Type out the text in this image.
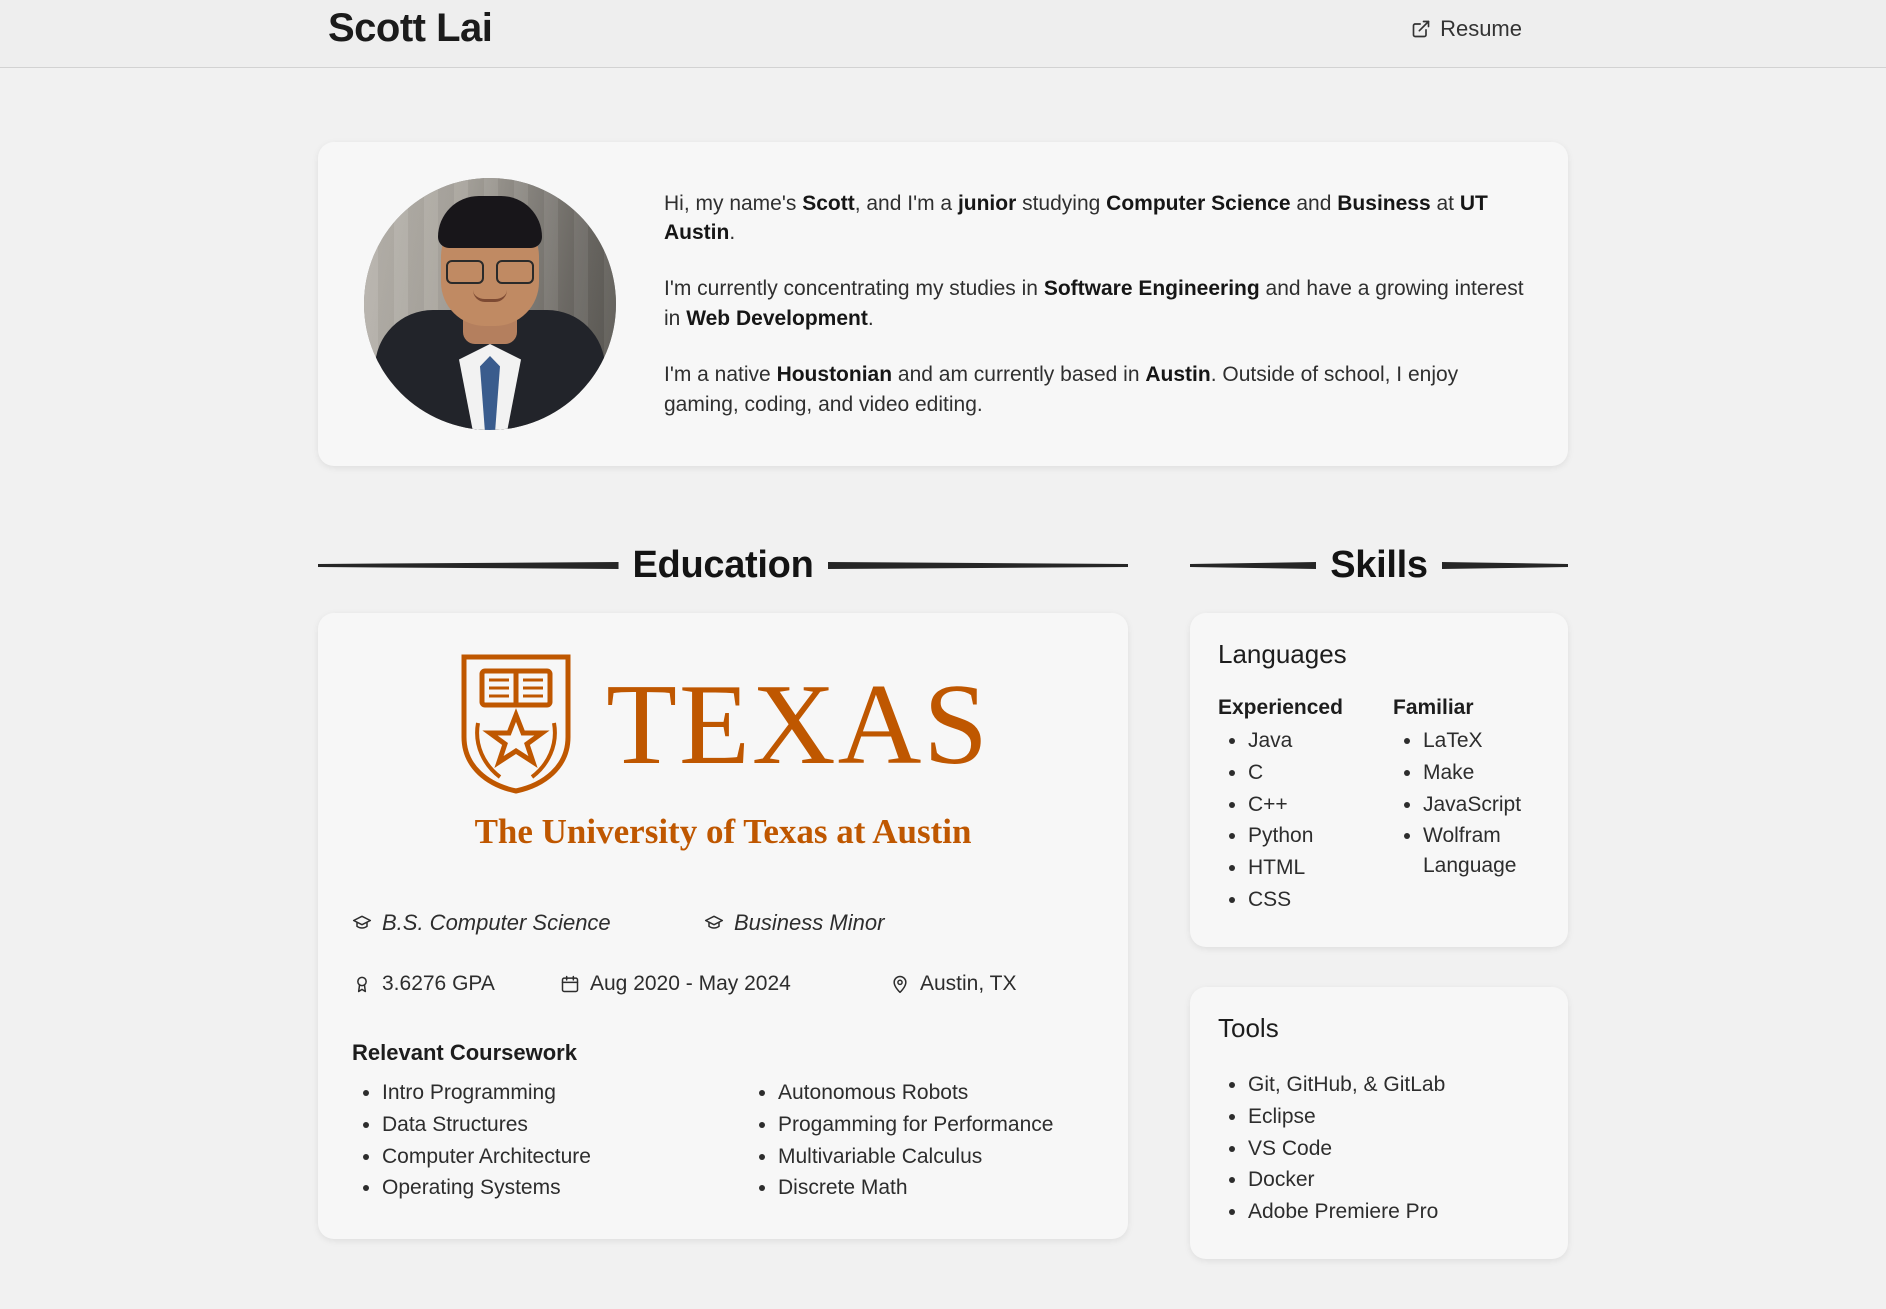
Scott Lai	Resume

Hi, my name's Scott, and I'm a junior studying Computer Science and Business at UT Austin.

I'm currently concentrating my studies in Software Engineering and have a growing interest in Web Development.

I'm a native Houstonian and am currently based in Austin. Outside of school, I enjoy gaming, coding, and video editing.

Education
TEXAS
The University of Texas at Austin
B.S. Computer Science	Business Minor
3.6276 GPA	Aug 2020 - May 2024	Austin, TX
Relevant Coursework
• Intro Programming
• Data Structures
• Computer Architecture
• Operating Systems
• Autonomous Robots
• Progamming for Performance
• Multivariable Calculus
• Discrete Math
Skills
Languages
Experienced
• Java
• C
• C++
• Python
• HTML
• CSS
Familiar
• LaTeX
• Make
• JavaScript
• Wolfram Language
Tools
• Git, GitHub, & GitLab
• Eclipse
• VS Code
• Docker
• Adobe Premiere Pro
